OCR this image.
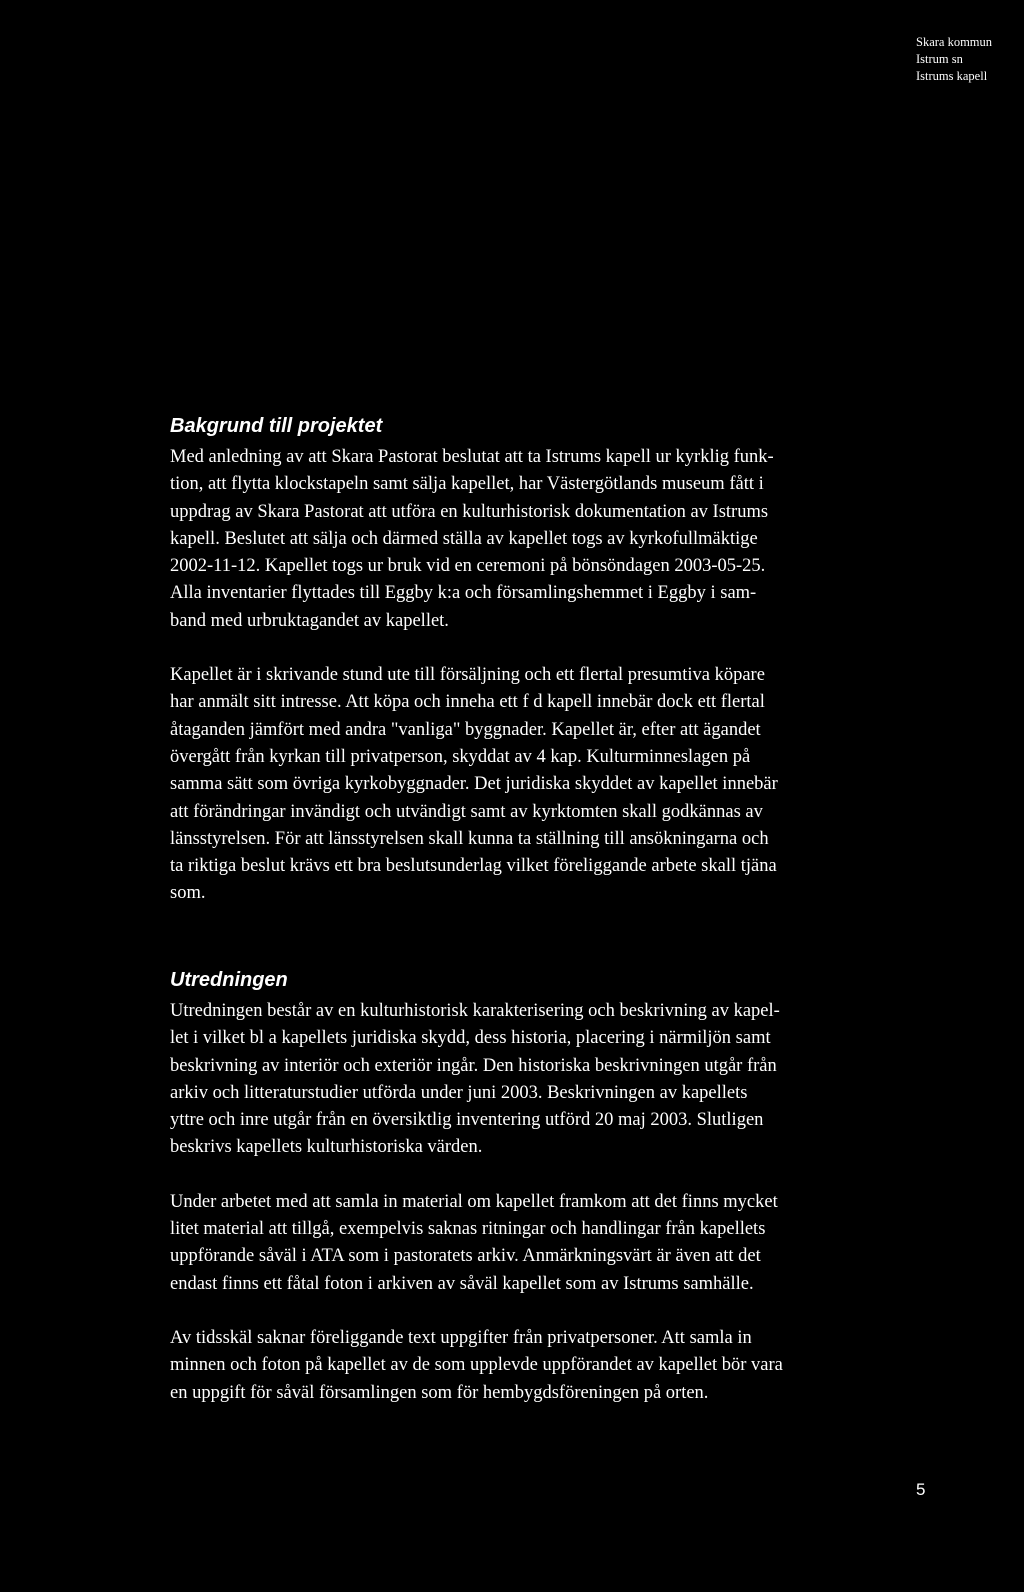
Skara kommun
Istrum sn
Istrums kapell
Bakgrund till projektet

Med anledning av att Skara Pastorat beslutat att ta Istrums kapell ur kyrklig funk-
tion, att flytta klockstapeln samt sälja kapellet, har Västergötlands museum fått i
uppdrag av Skara Pastorat att utföra en kulturhistorisk dokumentation av Istrums
kapell. Beslutet att sälja och därmed ställa av kapellet togs av kyrkofullmäktige
2002-11-12. Kapellet togs ur bruk vid en ceremoni på bönsöndagen 2003-05-25.
Alla inventarier flyttades till Eggby k:a och församlingshemmet i Eggby i sam-
band med urbruktagandet av kapellet.

Kapellet är i skrivande stund ute till försäljning och ett flertal presumtiva köpare
har anmält sitt intresse. Att köpa och inneha ett f d kapell innebär dock ett flertal
åtaganden jämfört med andra "vanliga" byggnader. Kapellet är, efter att ägandet
övergått från kyrkan till privatperson, skyddat av 4 kap. Kulturminneslagen på
samma sätt som övriga kyrkobyggnader. Det juridiska skyddet av kapellet innebär
att förändringar invändigt och utvändigt samt av kyrktomten skall godkännas av
länsstyrelsen. För att länsstyrelsen skall kunna ta ställning till ansökningarna och
ta riktiga beslut krävs ett bra beslutsunderlag vilket föreliggande arbete skall tjäna
som.

Utredningen

Utredningen består av en kulturhistorisk karakterisering och beskrivning av kapel-
let i vilket bl a kapellets juridiska skydd, dess historia, placering i närmiljön samt
beskrivning av interiör och exteriör ingår. Den historiska beskrivningen utgår från
arkiv och litteraturstudier utförda under juni 2003. Beskrivningen av kapellets
yttre och inre utgår från en översiktlig inventering utförd 20 maj 2003. Slutligen
beskrivs kapellets kulturhistoriska värden.

Under arbetet med att samla in material om kapellet framkom att det finns mycket
litet material att tillgå, exempelvis saknas ritningar och handlingar från kapellets
uppförande såväl i ATA som i pastoratets arkiv. Anmärkningsvärt är även att det
endast finns ett fåtal foton i arkiven av såväl kapellet som av Istrums samhälle.

Av tidsskäl saknar föreliggande text uppgifter från privatpersoner. Att samla in
minnen och foton på kapellet av de som upplevde uppförandet av kapellet bör vara
en uppgift för såväl församlingen som för hembygdsföreningen på orten.

5
